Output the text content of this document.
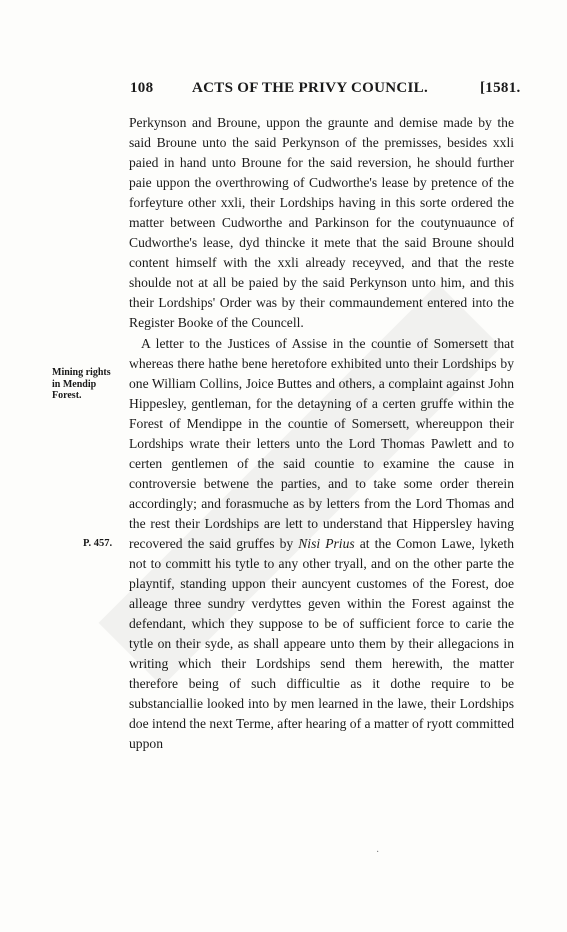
108	ACTS OF THE PRIVY COUNCIL.	[1581.

Perkynson and Broune, uppon the graunte and demise made by the said Broune unto the said Perkynson of the premisses, besides xxli paied in hand unto Broune for the said reversion, he should further paie uppon the overthrowing of Cudworthe's lease by pretence of the forfeyture other xxli, their Lordships having in this sorte ordered the matter between Cudworthe and Parkinson for the coutynuaunce of Cudworthe's lease, dyd thincke it mete that the said Broune should content himself with the xxli already receyved, and that the reste shoulde not at all be paied by the said Perkynson unto him, and this their Lordships' Order was by their commaundement entered into the Register Booke of the Councell.

A letter to the Justices of Assise in the countie of Somersett that whereas there hathe bene heretofore exhibited unto their Lordships by one William Collins, Joice Buttes and others, a complaint against John Hippesley, gentleman, for the detayning of a certen gruffe within the Forest of Mendippe in the countie of Somersett, whereuppon their Lordships wrate their letters unto the Lord Thomas Pawlett and to certen gentlemen of the said countie to examine the cause in controversie betwene the parties, and to take some order therein accordingly; and forasmuche as by letters from the Lord Thomas and the rest their Lordships are lett to understand that Hippersley having recovered the said gruffes by Nisi Prius at the Comon Lawe, lyketh not to committ his tytle to any other tryall, and on the other parte the playntif, standing uppon their auncyent customes of the Forest, doe alleage three sundry verdyttes geven within the Forest against the defendant, which they suppose to be of sufficient force to carie the tytle on their syde, as shall appeare unto them by their allegacions in writing which their Lordships send them herewith, the matter therefore being of such difficultie as it dothe require to be substanciallie looked into by men learned in the lawe, their Lordships doe intend the next Terme, after hearing of a matter of ryott committed uppon

Mining rights
in Mendip
Forest.
P. 457.
·
